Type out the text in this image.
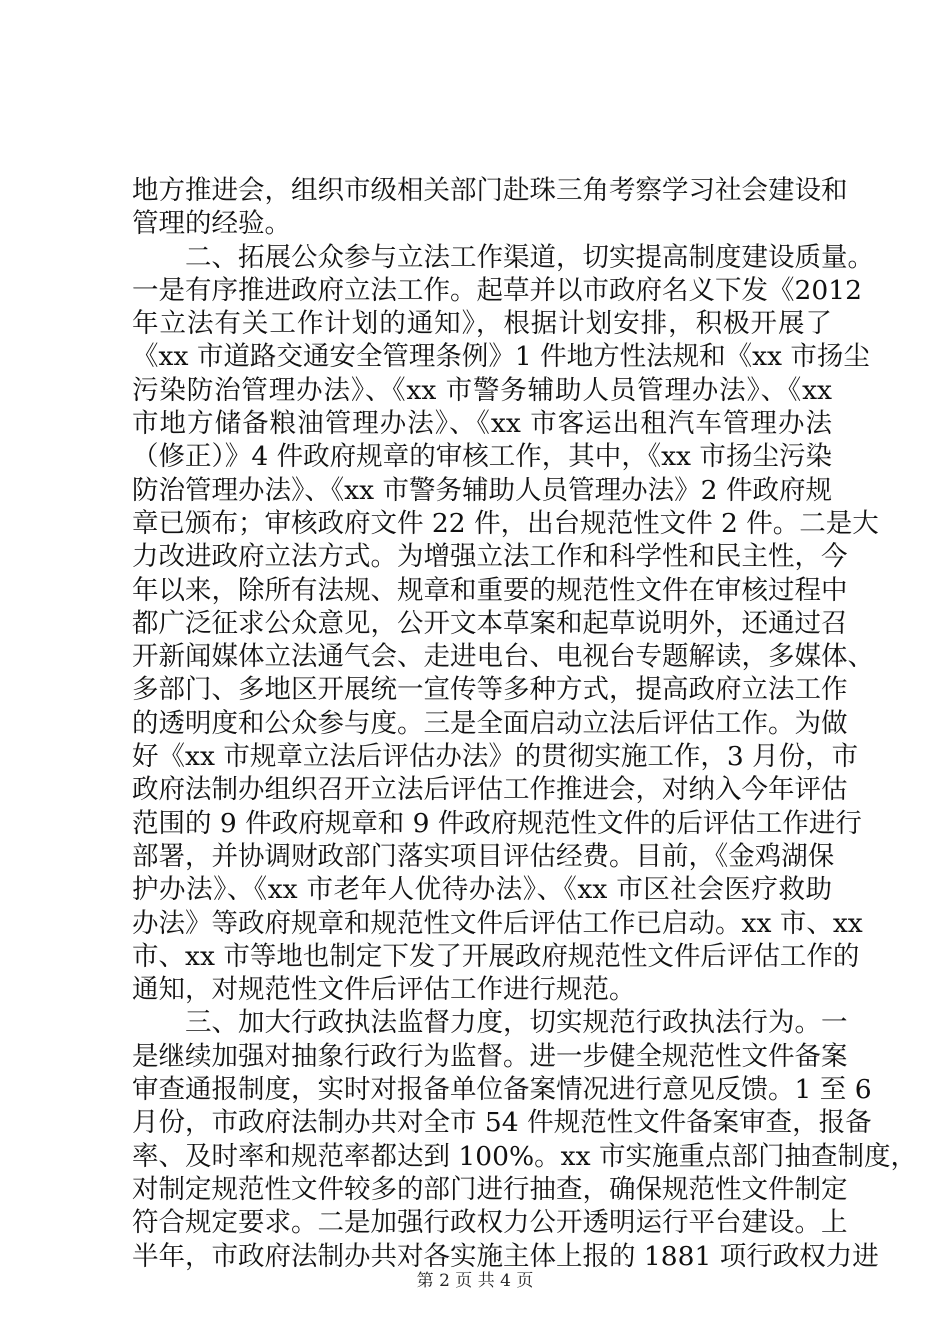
地方推进会，组织市级相关部门赴珠三角考察学习社会建设和
管理的经验。
二、拓展公众参与立法工作渠道，切实提高制度建设质量。
一是有序推进政府立法工作。起草并以市政府名义下发《2012
年立法有关工作计划的通知》，根据计划安排，积极开展了
《xx 市道路交通安全管理条例》1 件地方性法规和《xx 市扬尘
污染防治管理办法》、《xx 市警务辅助人员管理办法》、《xx
市地方储备粮油管理办法》、《xx 市客运出租汽车管理办法
（修正）》4 件政府规章的审核工作，其中，《xx 市扬尘污染
防治管理办法》、《xx 市警务辅助人员管理办法》2 件政府规
章已颁布；审核政府文件 22 件，出台规范性文件 2 件。二是大
力改进政府立法方式。为增强立法工作和科学性和民主性，今
年以来，除所有法规、规章和重要的规范性文件在审核过程中
都广泛征求公众意见，公开文本草案和起草说明外，还通过召
开新闻媒体立法通气会、走进电台、电视台专题解读，多媒体、
多部门、多地区开展统一宣传等多种方式，提高政府立法工作
的透明度和公众参与度。三是全面启动立法后评估工作。为做
好《xx 市规章立法后评估办法》的贯彻实施工作，3 月份，市
政府法制办组织召开立法后评估工作推进会，对纳入今年评估
范围的 9 件政府规章和 9 件政府规范性文件的后评估工作进行
部署，并协调财政部门落实项目评估经费。目前，《金鸡湖保
护办法》、《xx 市老年人优待办法》、《xx 市区社会医疗救助
办法》等政府规章和规范性文件后评估工作已启动。xx 市、xx
市、xx 市等地也制定下发了开展政府规范性文件后评估工作的
通知，对规范性文件后评估工作进行规范。
三、加大行政执法监督力度，切实规范行政执法行为。一
是继续加强对抽象行政行为监督。进一步健全规范性文件备案
审查通报制度，实时对报备单位备案情况进行意见反馈。1 至 6
月份，市政府法制办共对全市 54 件规范性文件备案审查，报备
率、及时率和规范率都达到 100%。xx 市实施重点部门抽查制度，
对制定规范性文件较多的部门进行抽查，确保规范性文件制定
符合规定要求。二是加强行政权力公开透明运行平台建设。上
半年，市政府法制办共对各实施主体上报的 1881 项行政权力进
第 2 页 共 4 页
